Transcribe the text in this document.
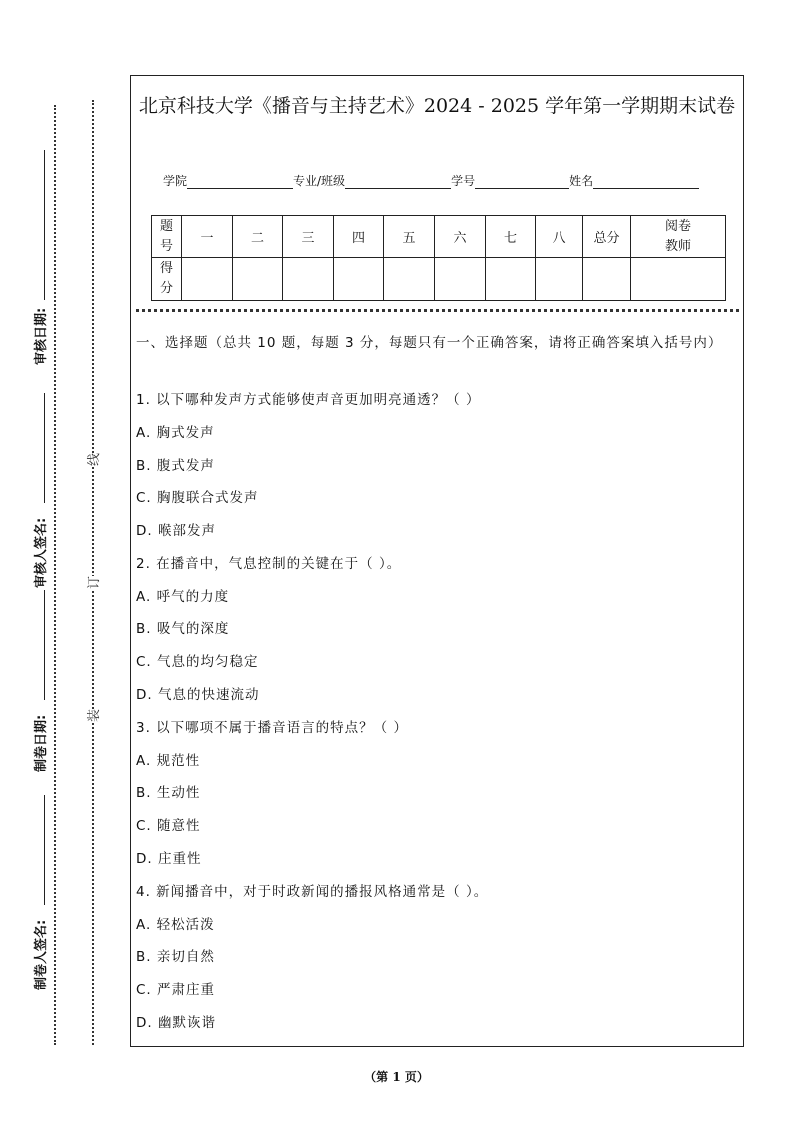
审核日期:
审核人签名:
制卷日期:
制卷人签名:
线
订
装
北京科技大学《播音与主持艺术》2024 - 2025 学年第一学期期末试卷
学院	专业/班级	学号	姓名
题号	一	二	三	四	五	六	七	八	总分	阅卷教师

得分										

一、选择题（总共 10 题，每题 3 分，每题只有一个正确答案，请将正确答案填入括号内）
1. 以下哪种发声方式能够使声音更加明亮通透？（ ）
A. 胸式发声
B. 腹式发声
C. 胸腹联合式发声
D. 喉部发声
2. 在播音中，气息控制的关键在于（ ）。
A. 呼气的力度
B. 吸气的深度
C. 气息的均匀稳定
D. 气息的快速流动
3. 以下哪项不属于播音语言的特点？（ ）
A. 规范性
B. 生动性
C. 随意性
D. 庄重性
4. 新闻播音中，对于时政新闻的播报风格通常是（ ）。
A. 轻松活泼
B. 亲切自然
C. 严肃庄重
D. 幽默诙谐
（第 1 页）
